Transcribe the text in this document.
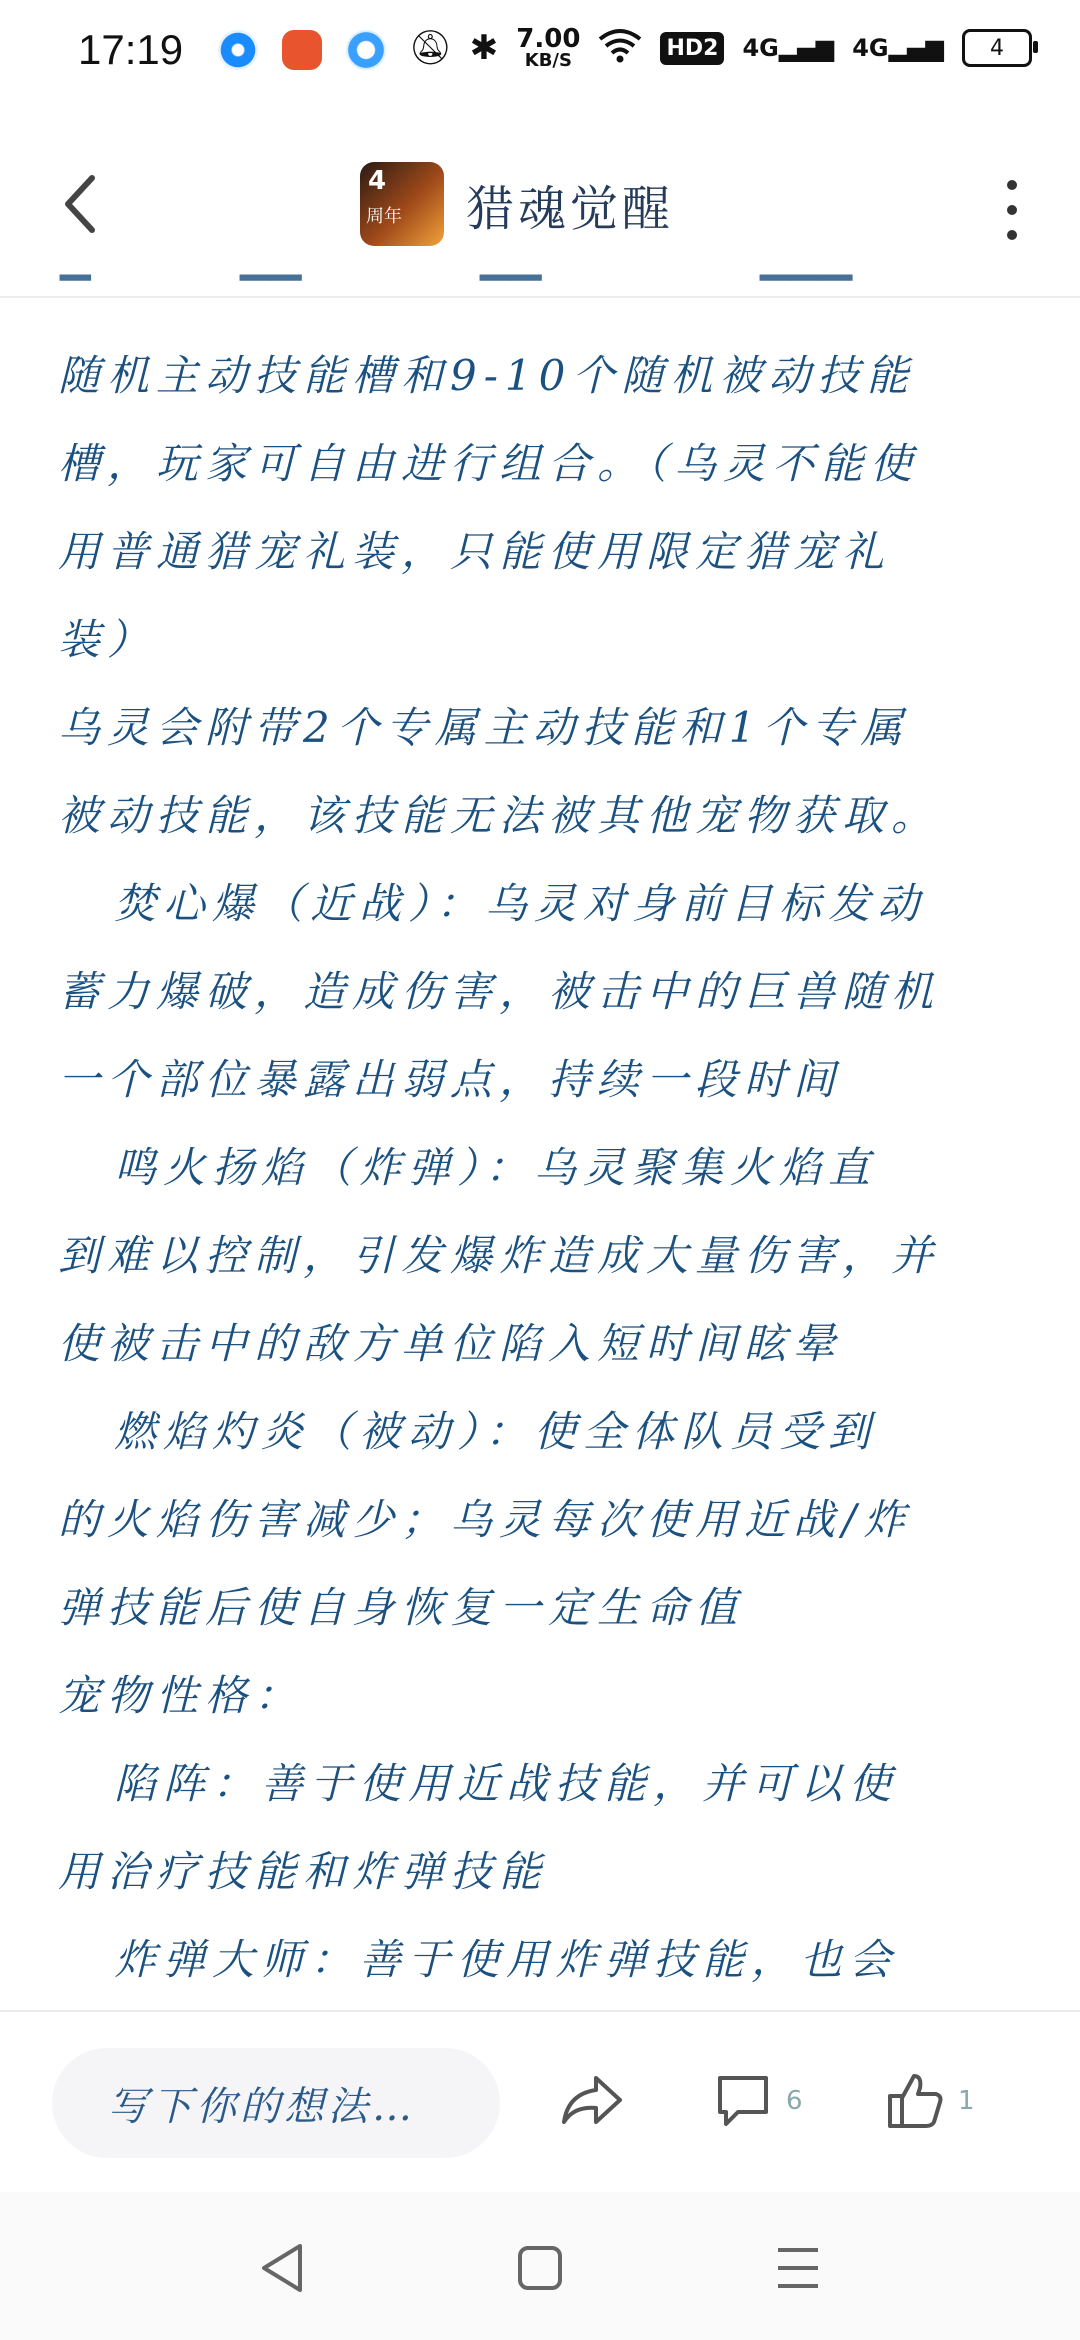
17:19	🔕︎ ✱ 7.00
KB/S	HD2 4G▂▄▆ 4G▂▄▆ 4
4
周年 猎魂觉醒
▔	▔▔	▔▔	▔▔▔
随机主动技能槽和9-10个随机被动技能
槽，玩家可自由进行组合。（乌灵不能使
用普通猎宠礼装，只能使用限定猎宠礼
装）
乌灵会附带2个专属主动技能和1个专属
被动技能，该技能无法被其他宠物获取。
焚心爆（近战）：乌灵对身前目标发动
蓄力爆破，造成伤害，被击中的巨兽随机
一个部位暴露出弱点，持续一段时间
鸣火扬焰（炸弹）：乌灵聚集火焰直
到难以控制，引发爆炸造成大量伤害，并
使被击中的敌方单位陷入短时间眩晕
燃焰灼炎（被动）：使全体队员受到
的火焰伤害减少；乌灵每次使用近战/炸
弹技能后使自身恢复一定生命值
宠物性格：
陷阵：善于使用近战技能，并可以使
用治疗技能和炸弹技能
炸弹大师：善于使用炸弹技能，也会
写下你的想法…	6	1
